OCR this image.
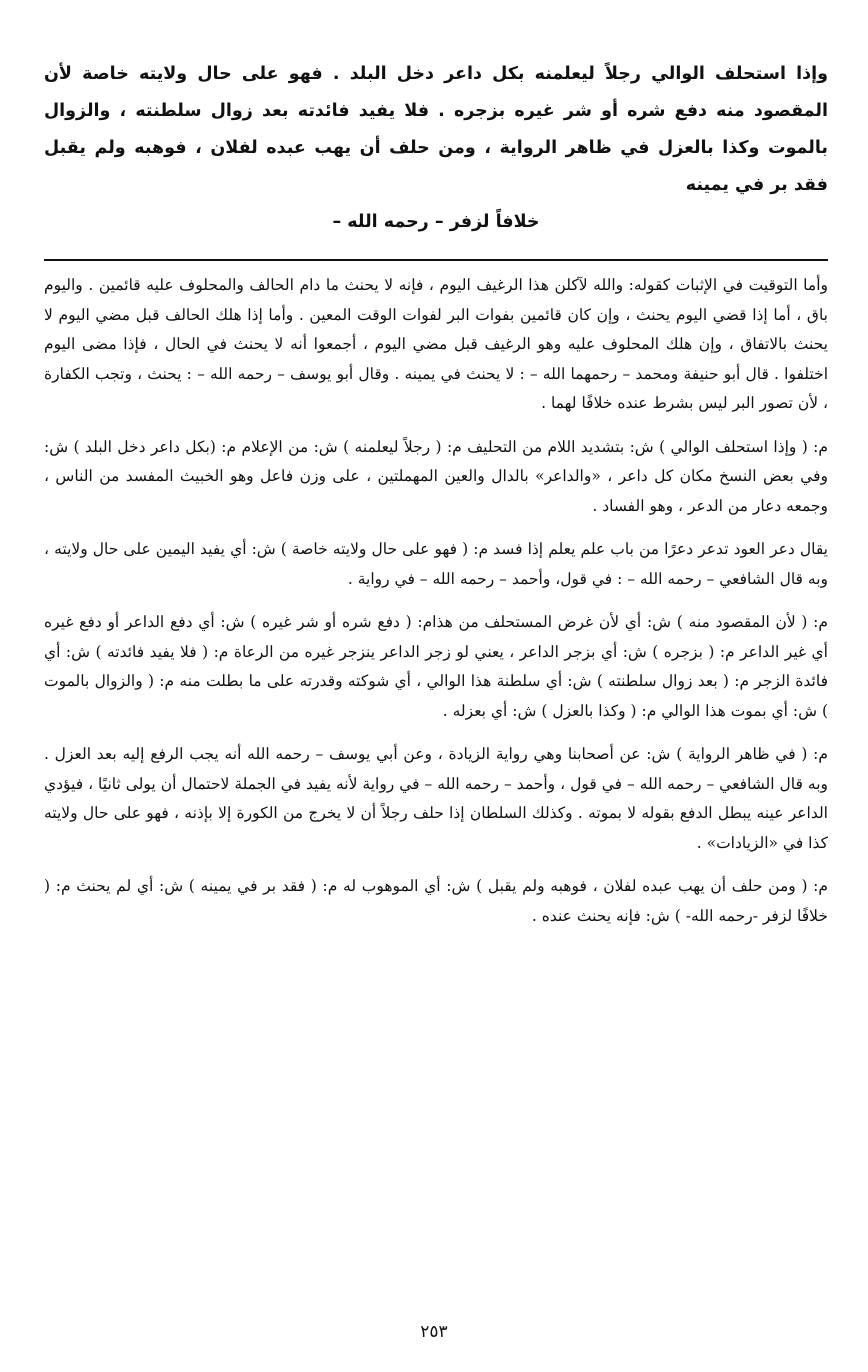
وإذا استحلف الوالي رجلاً ليعلمنه بكل داعر دخل البلد . فهو على حال ولايته خاصة لأن المقصود منه دفع شره أو شر غيره بزجره . فلا يفيد فائدته بعد زوال سلطنته ، والزوال بالموت وكذا بالعزل في ظاهر الرواية ، ومن حلف أن يهب عبده لفلان ، فوهبه ولم يقبل فقد بر في يمينه

خلافاً لزفر – رحمه الله –

وأما التوقيت في الإثبات كقوله: والله لآكلن هذا الرغيف اليوم ، فإنه لا يحنث ما دام الحالف والمحلوف عليه قائمين . واليوم باق ، أما إذا قضي اليوم يحنث ، وإن كان قائمين بفوات البر لفوات الوقت المعين . وأما إذا هلك الحالف قبل مضي اليوم لا يحنث بالاتفاق ، وإن هلك المحلوف عليه وهو الرغيف قبل مضي اليوم ، أجمعوا أنه لا يحنث في الحال ، فإذا مضى اليوم اختلفوا . قال أبو حنيفة ومحمد – رحمهما الله – : لا يحنث في يمينه . وقال أبو يوسف – رحمه الله – : يحنث ، وتجب الكفارة ، لأن تصور البر ليس بشرط عنده خلافًا لهما .

م: ( وإذا استحلف الوالي ) ش: بتشديد اللام من التحليف م: ( رجلاً ليعلمنه ) ش: من الإعلام م: (بكل داعر دخل البلد ) ش: وفي بعض النسخ مكان كل داعر ، «والداعر» بالدال والعين المهملتين ، على وزن فاعل وهو الخبيث المفسد من الناس ، وجمعه دعار من الدعر ، وهو الفساد .

يقال دعر العود تدعر دعرًا من باب علم يعلم إذا فسد م: ( فهو على حال ولايته خاصة ) ش: أي يفيد اليمين على حال ولايته ، وبه قال الشافعي – رحمه الله – : في قول، وأحمد – رحمه الله – في رواية .

م: ( لأن المقصود منه ) ش: أي لأن غرض المستحلف من هذام: ( دفع شره أو شر غيره ) ش: أي دفع الداعر أو دفع غيره أي غير الداعر م: ( بزجره ) ش: أي بزجر الداعر ، يعني لو زجر الداعر ينزجر غيره من الرعاة م: ( فلا يفيد فائدته ) ش: أي فائدة الزجر م: ( بعد زوال سلطنته ) ش: أي سلطنة هذا الوالي ، أي شوكته وقدرته على ما بطلت منه م: ( والزوال بالموت ) ش: أي بموت هذا الوالي م: ( وكذا بالعزل ) ش: أي بعزله .

م: ( في ظاهر الرواية ) ش: عن أصحابنا وهي رواية الزيادة ، وعن أبي يوسف – رحمه الله أنه يجب الرفع إليه بعد العزل . وبه قال الشافعي – رحمه الله – في قول ، وأحمد – رحمه الله – في رواية لأنه يفيد في الجملة لاحتمال أن يولى ثانيًا ، فيؤدي الداعر عينه يبطل الدفع بقوله لا بموته . وكذلك السلطان إذا حلف رجلاً أن لا يخرج من الكورة إلا بإذنه ، فهو على حال ولايته كذا في «الزيادات» .

م: ( ومن حلف أن يهب عبده لفلان ، فوهبه ولم يقبل ) ش: أي الموهوب له م: ( فقد بر في يمينه ) ش: أي لم يحنث م: ( خلافًا لزفر -رحمه الله- ) ش: فإنه يحنث عنده .

٢٥٣
